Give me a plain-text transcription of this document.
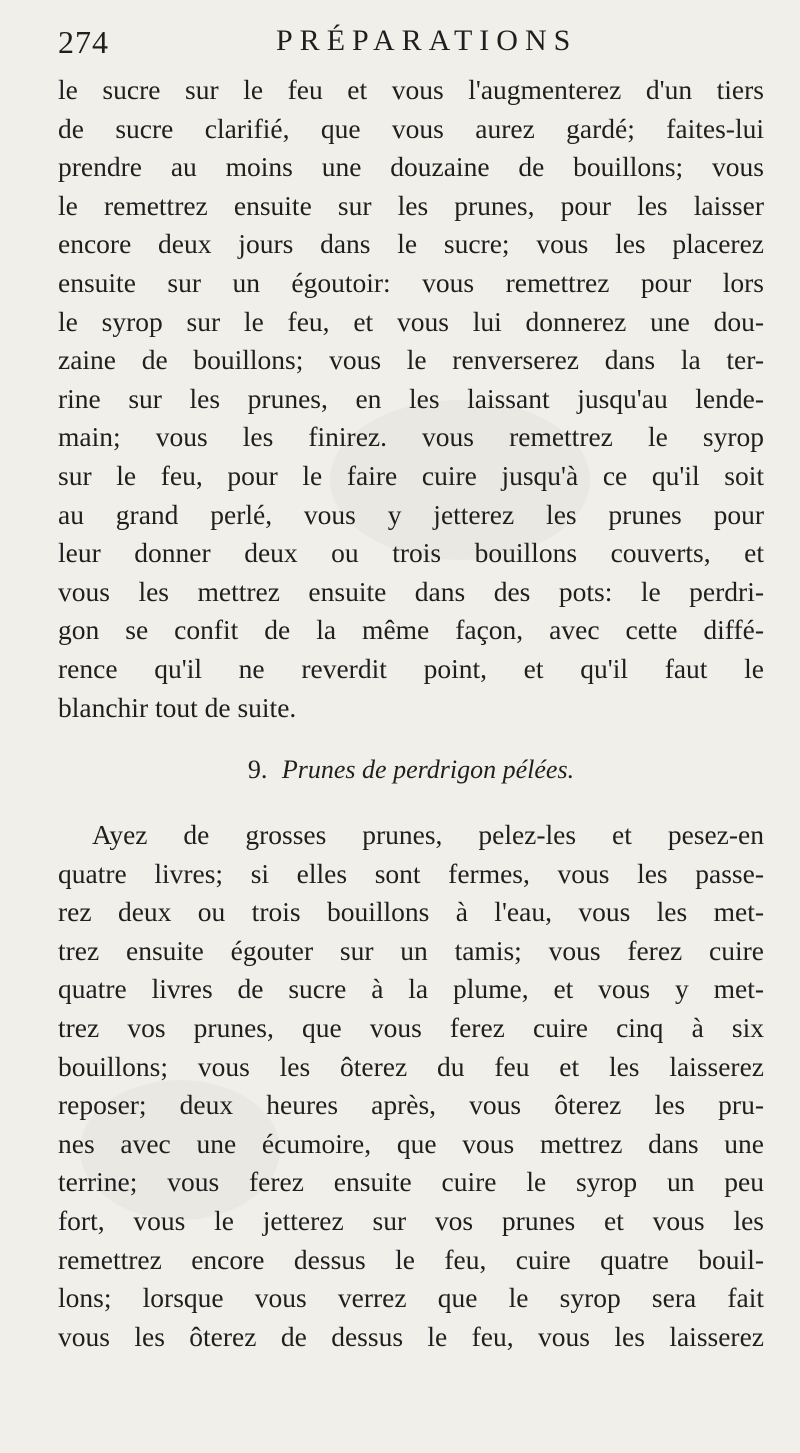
274	PRÉPARATIONS
le sucre sur le feu et vous l'augmenterez d'un tiers
de sucre clarifié, que vous aurez gardé; faites-lui
prendre au moins une douzaine de bouillons; vous
le remettrez ensuite sur les prunes, pour les laisser
encore deux jours dans le sucre; vous les placerez
ensuite sur un égoutoir: vous remettrez pour lors
le syrop sur le feu, et vous lui donnerez une dou-
zaine de bouillons; vous le renverserez dans la ter-
rine sur les prunes, en les laissant jusqu'au lende-
main; vous les finirez. vous remettrez le syrop
sur le feu, pour le faire cuire jusqu'à ce qu'il soit
au grand perlé, vous y jetterez les prunes pour
leur donner deux ou trois bouillons couverts, et
vous les mettrez ensuite dans des pots: le perdri-
gon se confit de la même façon, avec cette diffé-
rence qu'il ne reverdit point, et qu'il faut le
blanchir tout de suite.
9. Prunes de perdrigon pélées.
Ayez de grosses prunes, pelez-les et pesez-en
quatre livres; si elles sont fermes, vous les passe-
rez deux ou trois bouillons à l'eau, vous les met-
trez ensuite égouter sur un tamis; vous ferez cuire
quatre livres de sucre à la plume, et vous y met-
trez vos prunes, que vous ferez cuire cinq à six
bouillons; vous les ôterez du feu et les laisserez
reposer; deux heures après, vous ôterez les pru-
nes avec une écumoire, que vous mettrez dans une
terrine; vous ferez ensuite cuire le syrop un peu
fort, vous le jetterez sur vos prunes et vous les
remettrez encore dessus le feu, cuire quatre bouil-
lons; lorsque vous verrez que le syrop sera fait
vous les ôterez de dessus le feu, vous les laisserez
